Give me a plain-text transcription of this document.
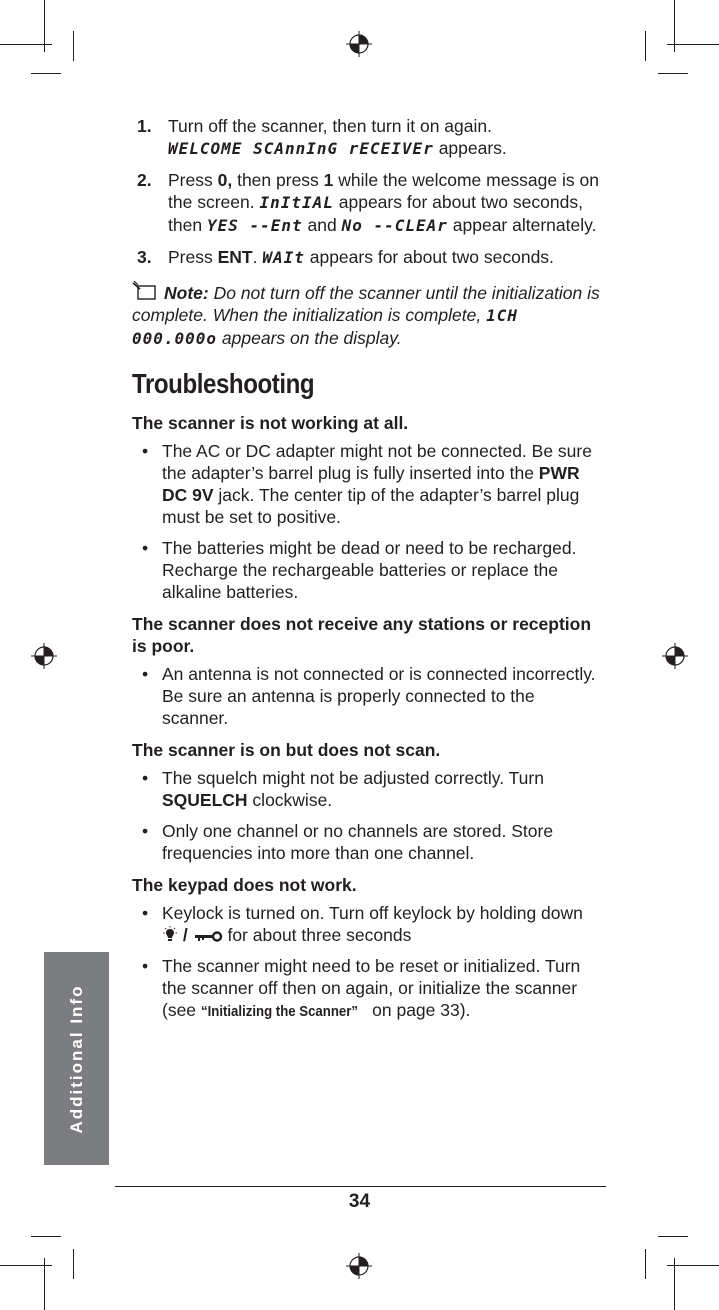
1. Turn off the scanner, then turn it on again.
WELCOME SCAnnInG rECEIVEr appears.
2. Press 0, then press 1 while the welcome message is on the screen. InItIAL appears for about two seconds, then YES --Ent and No --CLEAr appear alternately.
3. Press ENT. WAIt appears for about two seconds.
Note: Do not turn off the scanner until the initialization is complete. When the initialization is complete, 1CH 000.000o appears on the display.
Troubleshooting
The scanner is not working at all.
• The AC or DC adapter might not be connected. Be sure the adapter’s barrel plug is fully inserted into the PWR DC 9V jack. The center tip of the adapter’s barrel plug must be set to positive.
• The batteries might be dead or need to be recharged. Recharge the rechargeable batteries or replace the alkaline batteries.
The scanner does not receive any stations or reception is poor.
• An antenna is not connected or is connected incorrectly. Be sure an antenna is properly connected to the scanner.
The scanner is on but does not scan.
• The squelch might not be adjusted correctly. Turn SQUELCH clockwise.
• Only one channel or no channels are stored. Store frequencies into more than one channel.
The keypad does not work.
• Keylock is turned on. Turn off keylock by holding down  /  for about three seconds
• The scanner might need to be reset or initialized. Turn the scanner off then on again, or initialize the scanner (see “Initializing the Scanner” on page 33).
Additional Info
34
